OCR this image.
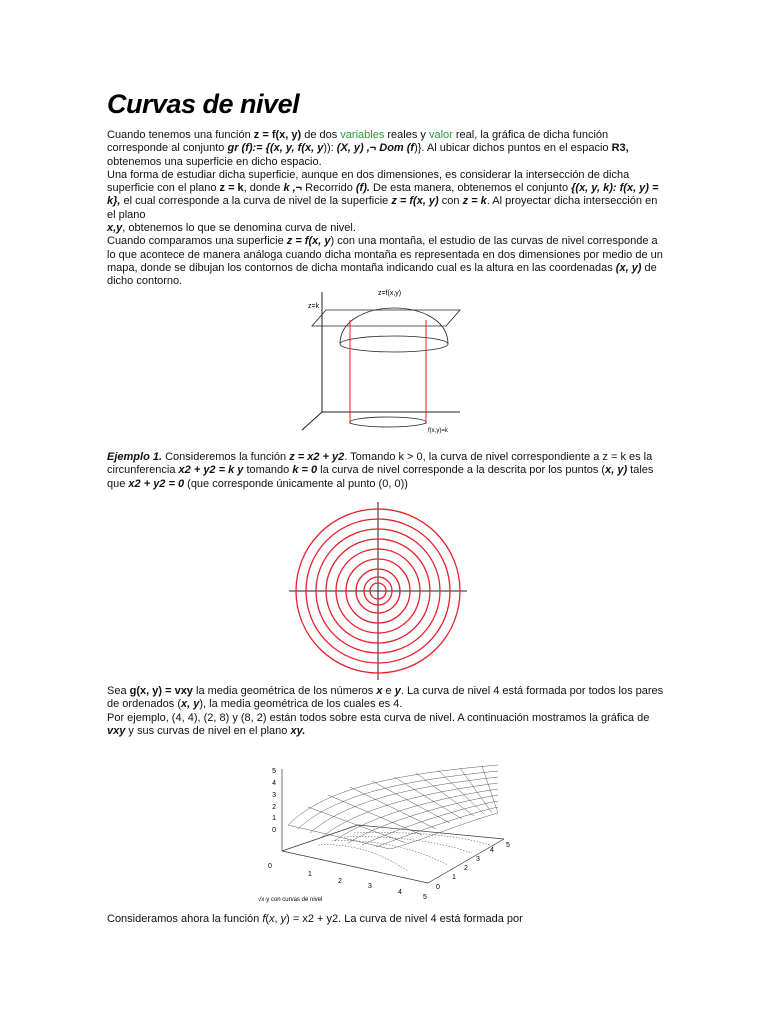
Curvas de nivel

Cuando tenemos una función z = f(x, y) de dos variables reales y valor real, la gráfica de dicha función corresponde al conjunto gr (f):= {(x, y, f(x, y)): (X, y) ,¬ Dom (f)}. Al ubicar dichos puntos en el espacio R3, obtenemos una superficie en dicho espacio.

Una forma de estudiar dicha superficie, aunque en dos dimensiones, es considerar la intersección de dicha superficie con el plano z = k, donde k ,¬ Recorrido (f). De esta manera, obtenemos el conjunto {(x, y, k): f(x, y) = k}, el cual corresponde a la curva de nivel de la superficie z = f(x, y) con z = k. Al proyectar dicha intersección en el plano

x,y, obtenemos lo que se denomina curva de nivel.

Cuando comparamos una superficie z = f(x, y) con una montaña, el estudio de las curvas de nivel corresponde a lo que acontece de manera análoga cuando dicha montaña es representada en dos dimensiones por medio de un mapa, donde se dibujan los contornos de dicha montaña indicando cual es la altura en las coordenadas (x, y) de dicho contorno.

z=f(x,y)
z=k
f(x,y)=k

Ejemplo 1. Consideremos la función z = x2 + y2. Tomando k > 0, la curva de nivel correspondiente a z = k es la circunferencia x2 + y2 = k y tomando k = 0 la curva de nivel corresponde a la descrita por los puntos (x, y) tales que x2 + y2 = 0 (que corresponde únicamente al punto (0, 0))

Sea g(x, y) = vxy la media geométrica de los números x e y. La curva de nivel 4 está formada por todos los pares de ordenados (x, y), la media geométrica de los cuales es 4.

Por ejemplo, (4, 4), (2, 8) y (8, 2) están todos sobre esta curva de nivel. A continuación mostramos la gráfica de vxy y sus curvas de nivel en el plano xy.

5
4
3
2
1
0
0
1
2
3
4
5
0
1
2
3
4
5
√x·y con curvas de nivel

Consideramos ahora la función f(x, y) = x2 + y2. La curva de nivel 4 está formada por
